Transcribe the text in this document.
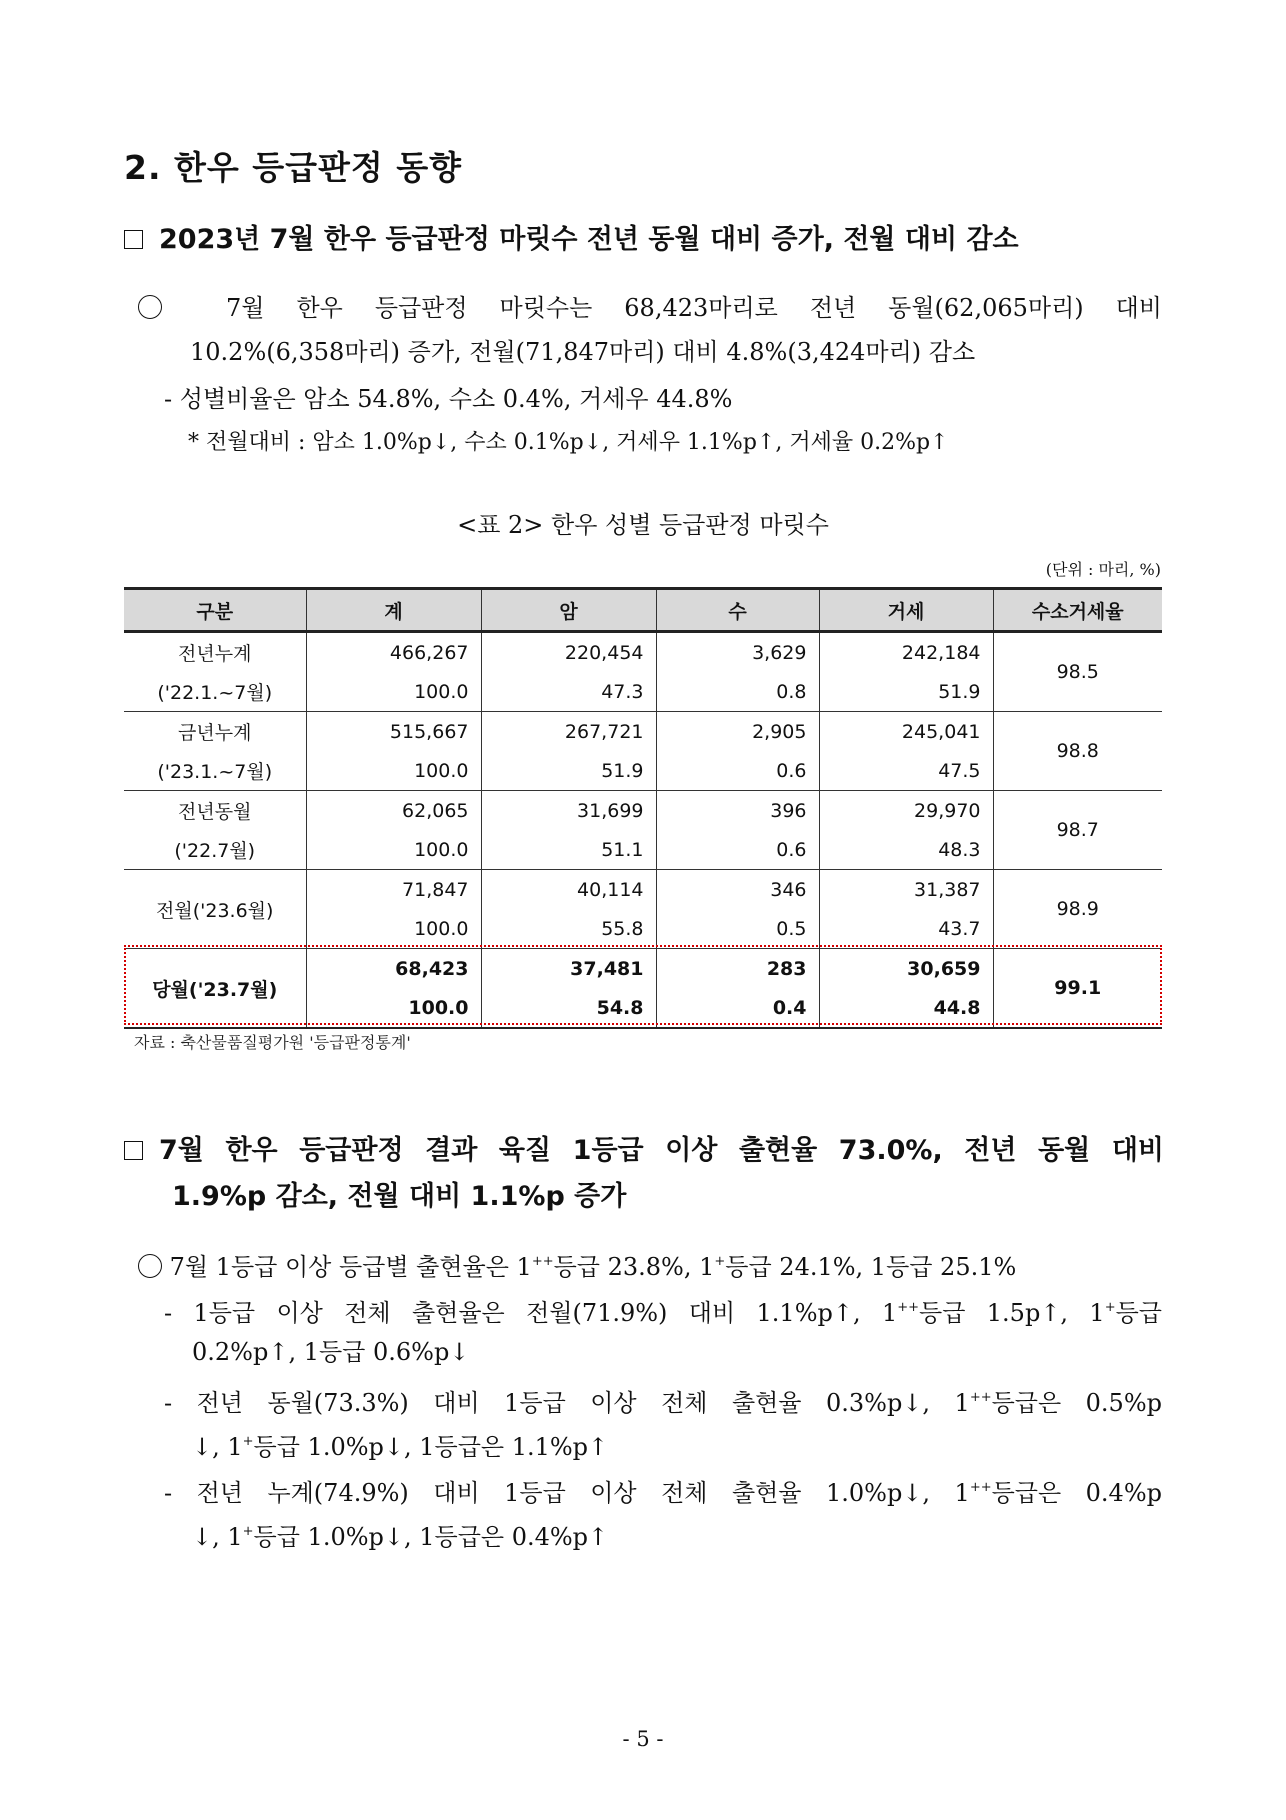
2. 한우 등급판정 동향
2023년 7월 한우 등급판정 마릿수 전년 동월 대비 증가, 전월 대비 감소
7월 한우 등급판정 마릿수는 68,423마리로 전년 동월(62,065마리) 대비
10.2%(6,358마리) 증가, 전월(71,847마리) 대비 4.8%(3,424마리) 감소
- 성별비율은 암소 54.8%, 수소 0.4%, 거세우 44.8%
* 전월대비 : 암소 1.0%p↓, 수소 0.1%p↓, 거세우 1.1%p↑, 거세율 0.2%p↑
<표 2> 한우 성별 등급판정 마릿수
(단위 : 마리, %)
구분	계	암	수	거세	수소거세율
전년누계	466,267	220,454	3,629	242,184	98.5
('22.1.~7월)	100.0	47.3	0.8	51.9	
금년누계	515,667	267,721	2,905	245,041	98.8
('23.1.~7월)	100.0	51.9	0.6	47.5	
전년동월	62,065	31,699	396	29,970	98.7
('22.7월)	100.0	51.1	0.6	48.3	
전월('23.6월)	71,847	40,114	346	31,387	98.9
	100.0	55.8	0.5	43.7	
당월('23.7월)	68,423	37,481	283	30,659	99.1
	100.0	54.8	0.4	44.8	
자료 : 축산물품질평가원 '등급판정통계'
7월 한우 등급판정 결과 육질 1등급 이상 출현율 73.0%, 전년 동월 대비
1.9%p 감소, 전월 대비 1.1%p 증가
7월 1등급 이상 등급별 출현율은 1++등급 23.8%, 1+등급 24.1%, 1등급 25.1%
- 1등급 이상 전체 출현율은 전월(71.9%) 대비 1.1%p↑, 1++등급 1.5p↑, 1+등급
0.2%p↑, 1등급 0.6%p↓
- 전년 동월(73.3%) 대비 1등급 이상 전체 출현율 0.3%p↓, 1++등급은 0.5%p
↓, 1+등급 1.0%p↓, 1등급은 1.1%p↑
- 전년 누계(74.9%) 대비 1등급 이상 전체 출현율 1.0%p↓, 1++등급은 0.4%p
↓, 1+등급 1.0%p↓, 1등급은 0.4%p↑
- 5 -
